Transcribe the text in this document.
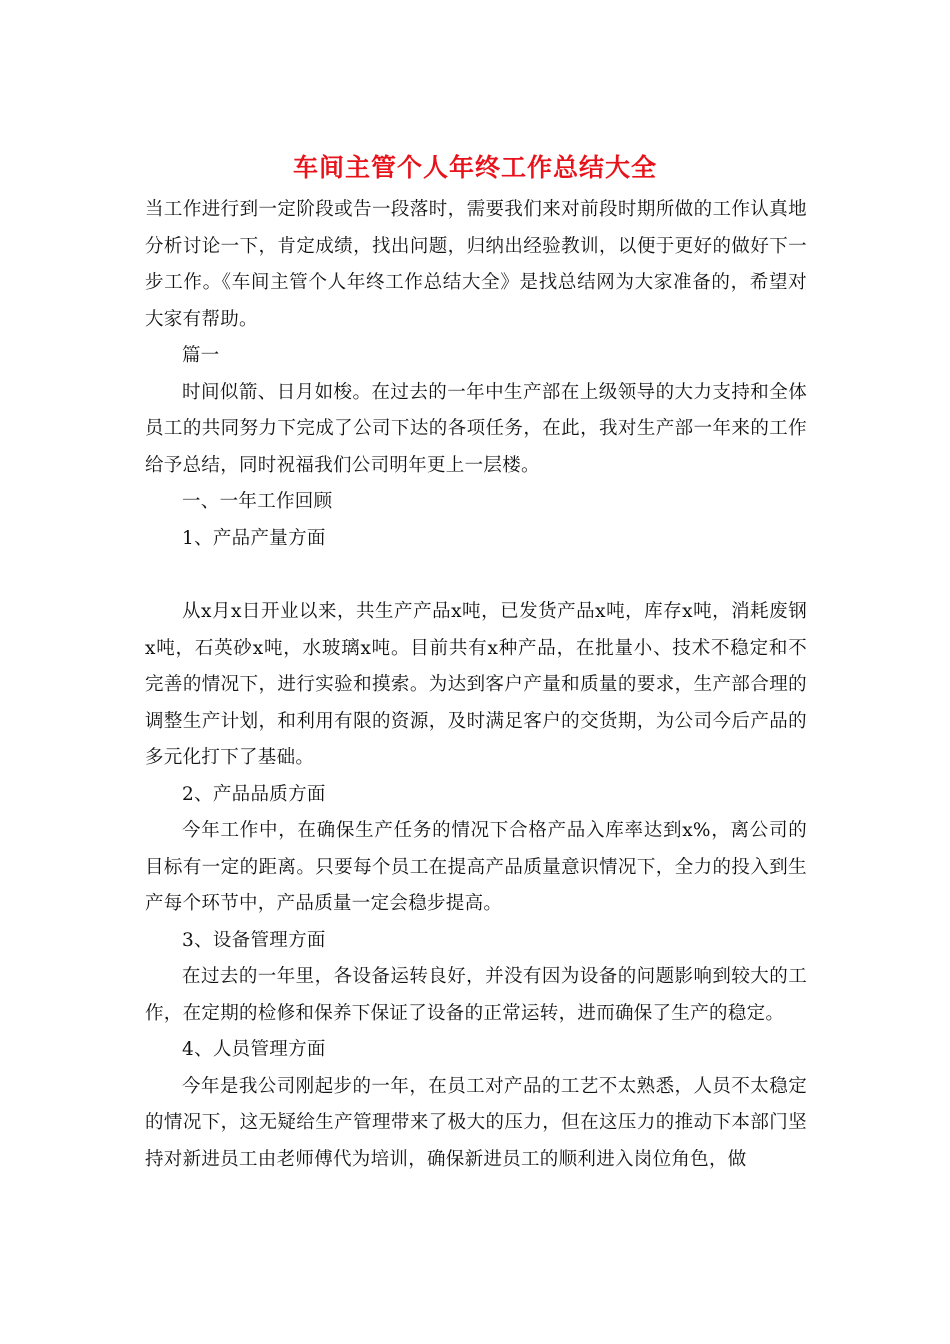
车间主管个人年终工作总结大全

当工作进行到一定阶段或告一段落时，需要我们来对前段时期所做的工作认真地分析讨论一下，肯定成绩，找出问题，归纳出经验教训，以便于更好的做好下一步工作。《车间主管个人年终工作总结大全》是找总结网为大家准备的，希望对大家有帮助。

篇一

时间似箭、日月如梭。在过去的一年中生产部在上级领导的大力支持和全体员工的共同努力下完成了公司下达的各项任务，在此，我对生产部一年来的工作给予总结，同时祝福我们公司明年更上一层楼。

一、一年工作回顾

1、产品产量方面

从x月x日开业以来，共生产产品x吨，已发货产品x吨，库存x吨，消耗废钢x吨，石英砂x吨，水玻璃x吨。目前共有x种产品，在批量小、技术不稳定和不完善的情况下，进行实验和摸索。为达到客户产量和质量的要求，生产部合理的调整生产计划，和利用有限的资源，及时满足客户的交货期，为公司今后产品的多元化打下了基础。

2、产品品质方面

今年工作中，在确保生产任务的情况下合格产品入库率达到x%，离公司的目标有一定的距离。只要每个员工在提高产品质量意识情况下，全力的投入到生产每个环节中，产品质量一定会稳步提高。

3、设备管理方面

在过去的一年里，各设备运转良好，并没有因为设备的问题影响到较大的工作，在定期的检修和保养下保证了设备的正常运转，进而确保了生产的稳定。

4、人员管理方面

今年是我公司刚起步的一年，在员工对产品的工艺不太熟悉，人员不太稳定的情况下，这无疑给生产管理带来了极大的压力，但在这压力的推动下本部门坚持对新进员工由老师傅代为培训，确保新进员工的顺利进入岗位角色，做
